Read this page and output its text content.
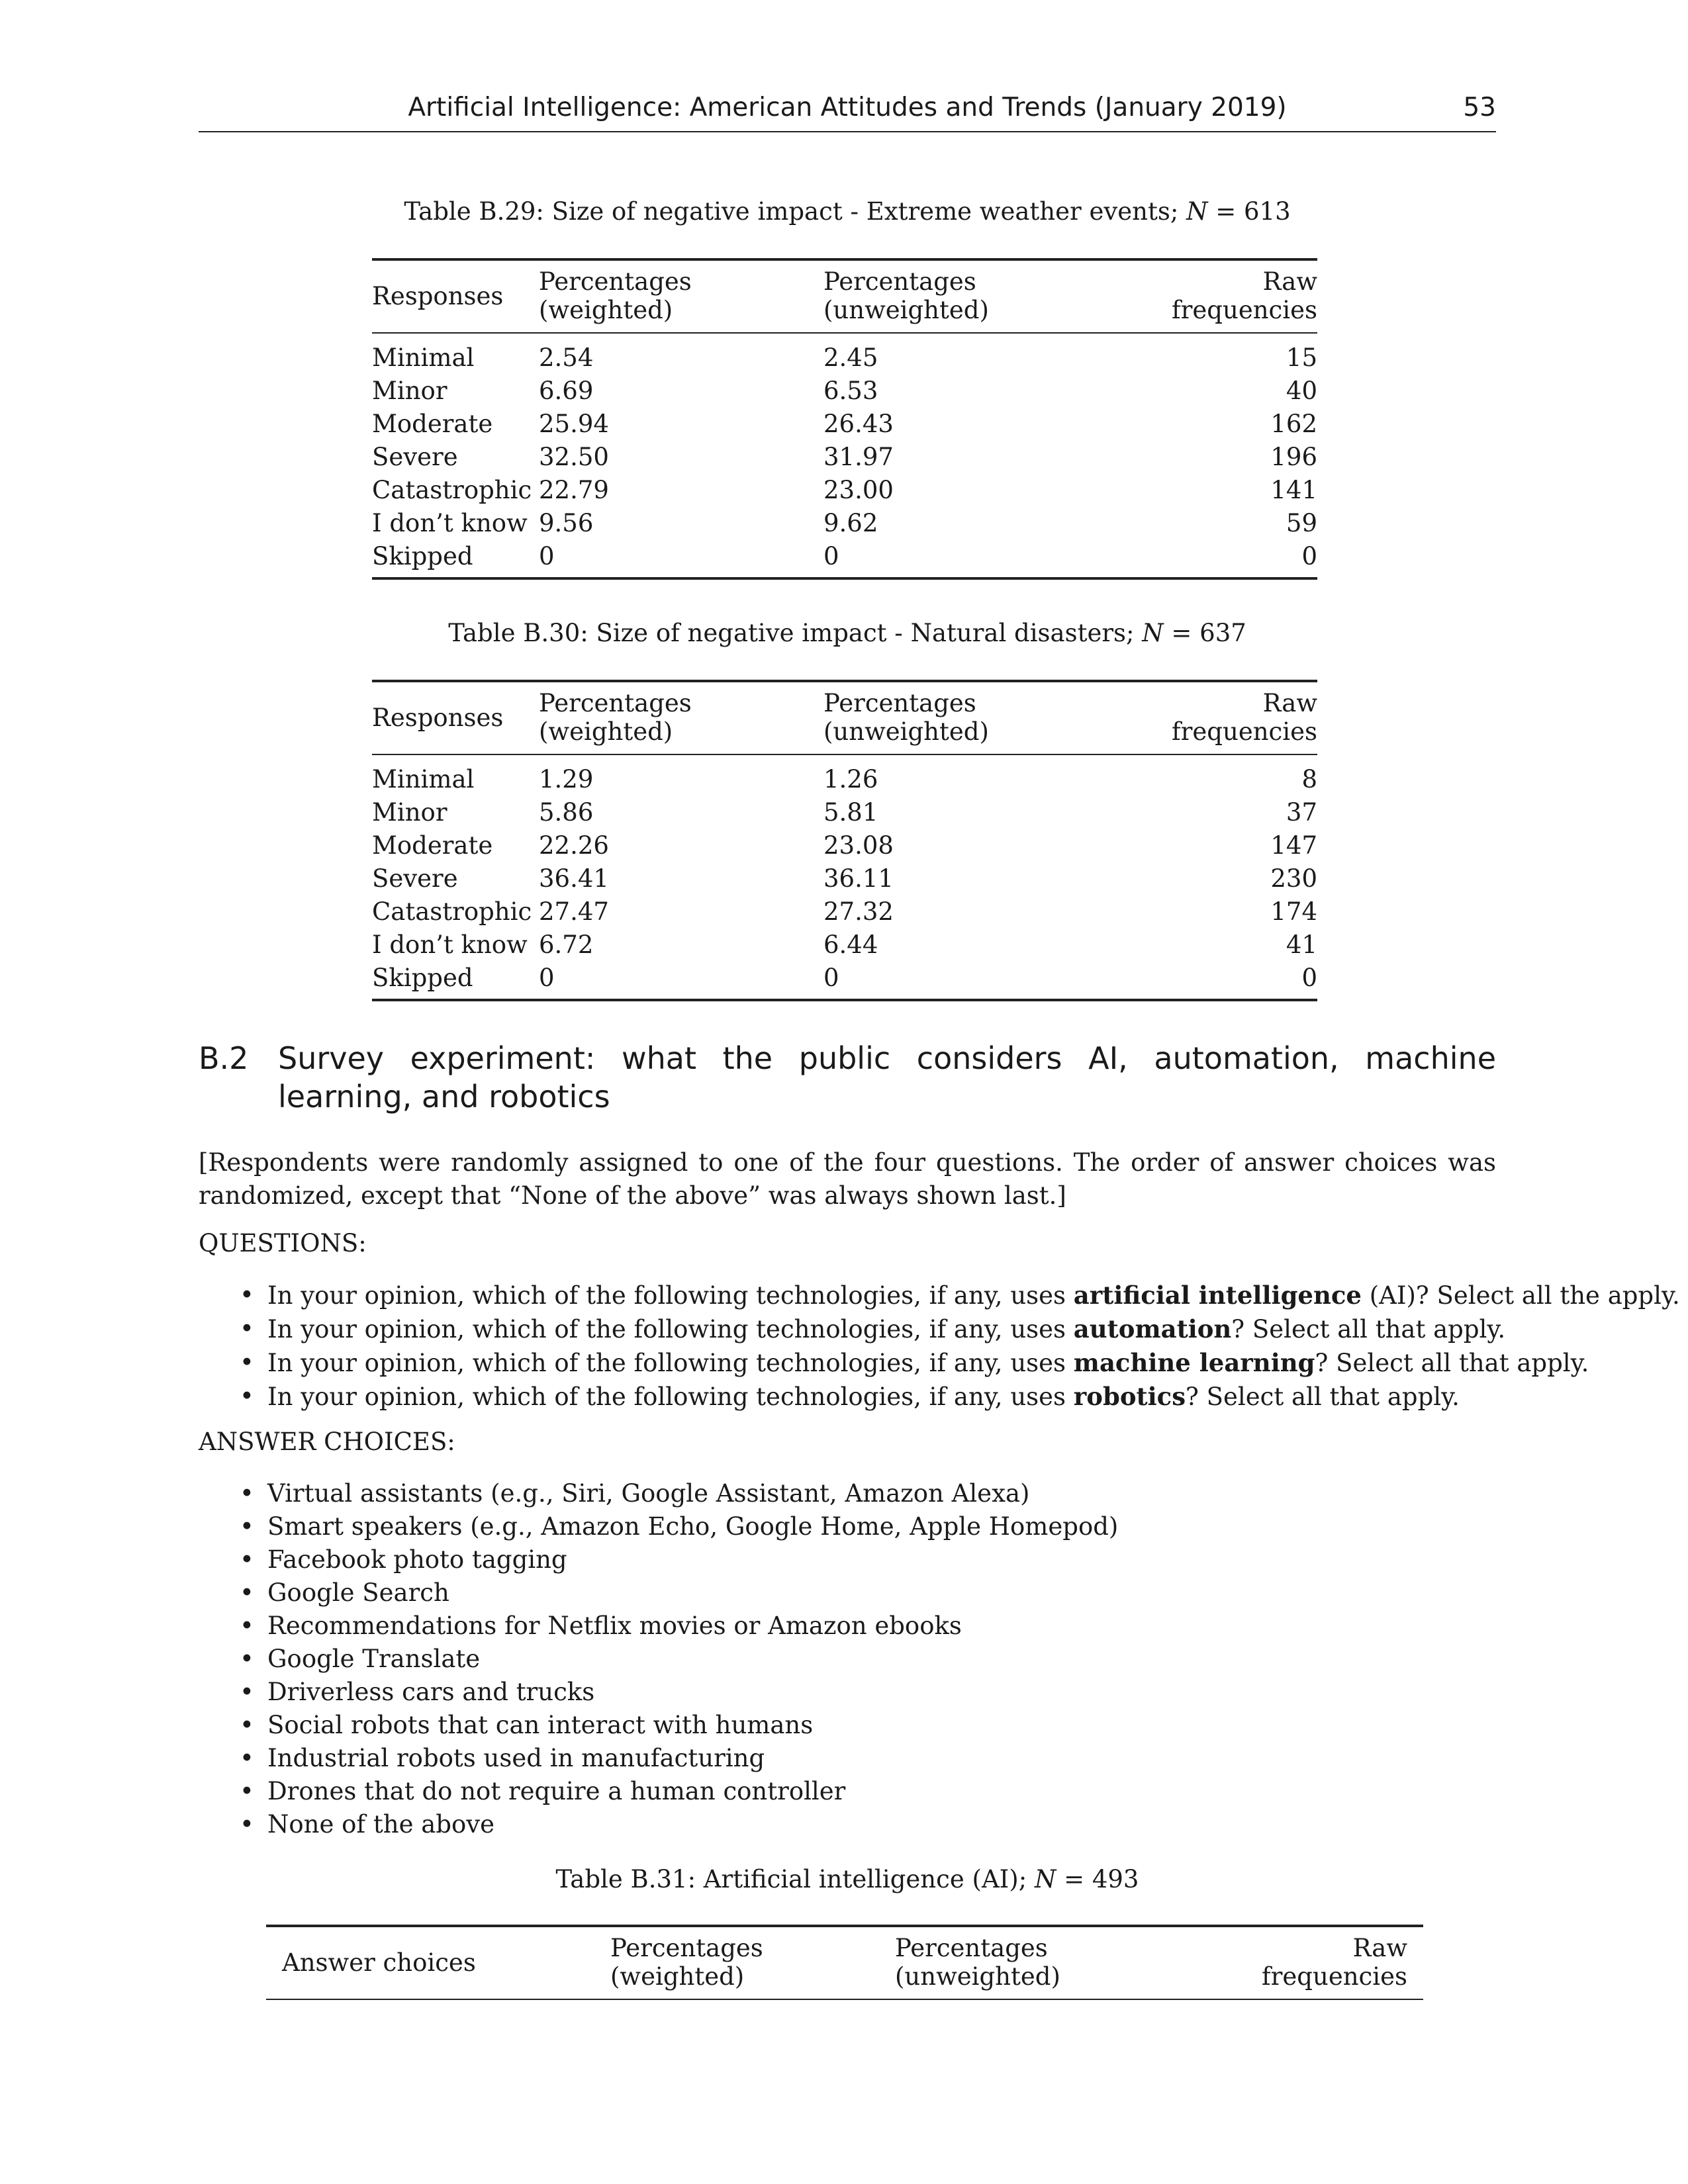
Artificial Intelligence: American Attitudes and Trends (January 2019)	53
Table B.29: Size of negative impact - Extreme weather events; N = 613
Responses	Percentages (weighted)	Percentages (unweighted)	Raw frequencies
Minimal	2.54	2.45	15
Minor	6.69	6.53	40
Moderate	25.94	26.43	162
Severe	32.50	31.97	196
Catastrophic	22.79	23.00	141
I don’t know	9.56	9.62	59
Skipped	0	0	0
Table B.30: Size of negative impact - Natural disasters; N = 637
Responses	Percentages (weighted)	Percentages (unweighted)	Raw frequencies
Minimal	1.29	1.26	8
Minor	5.86	5.81	37
Moderate	22.26	23.08	147
Severe	36.41	36.11	230
Catastrophic	27.47	27.32	174
I don’t know	6.72	6.44	41
Skipped	0	0	0
B.2 Survey experiment: what the public considers AI, automation, machine learning, and robotics
[Respondents were randomly assigned to one of the four questions. The order of answer choices was randomized, except that “None of the above” was always shown last.]
QUESTIONS:
• In your opinion, which of the following technologies, if any, uses artificial intelligence (AI)? Select all the apply.
• In your opinion, which of the following technologies, if any, uses automation? Select all that apply.
• In your opinion, which of the following technologies, if any, uses machine learning? Select all that apply.
• In your opinion, which of the following technologies, if any, uses robotics? Select all that apply.
ANSWER CHOICES:
• Virtual assistants (e.g., Siri, Google Assistant, Amazon Alexa)
• Smart speakers (e.g., Amazon Echo, Google Home, Apple Homepod)
• Facebook photo tagging
• Google Search
• Recommendations for Netflix movies or Amazon ebooks
• Google Translate
• Driverless cars and trucks
• Social robots that can interact with humans
• Industrial robots used in manufacturing
• Drones that do not require a human controller
• None of the above
Table B.31: Artificial intelligence (AI); N = 493
Answer choices	Percentages (weighted)	Percentages (unweighted)	Raw frequencies
